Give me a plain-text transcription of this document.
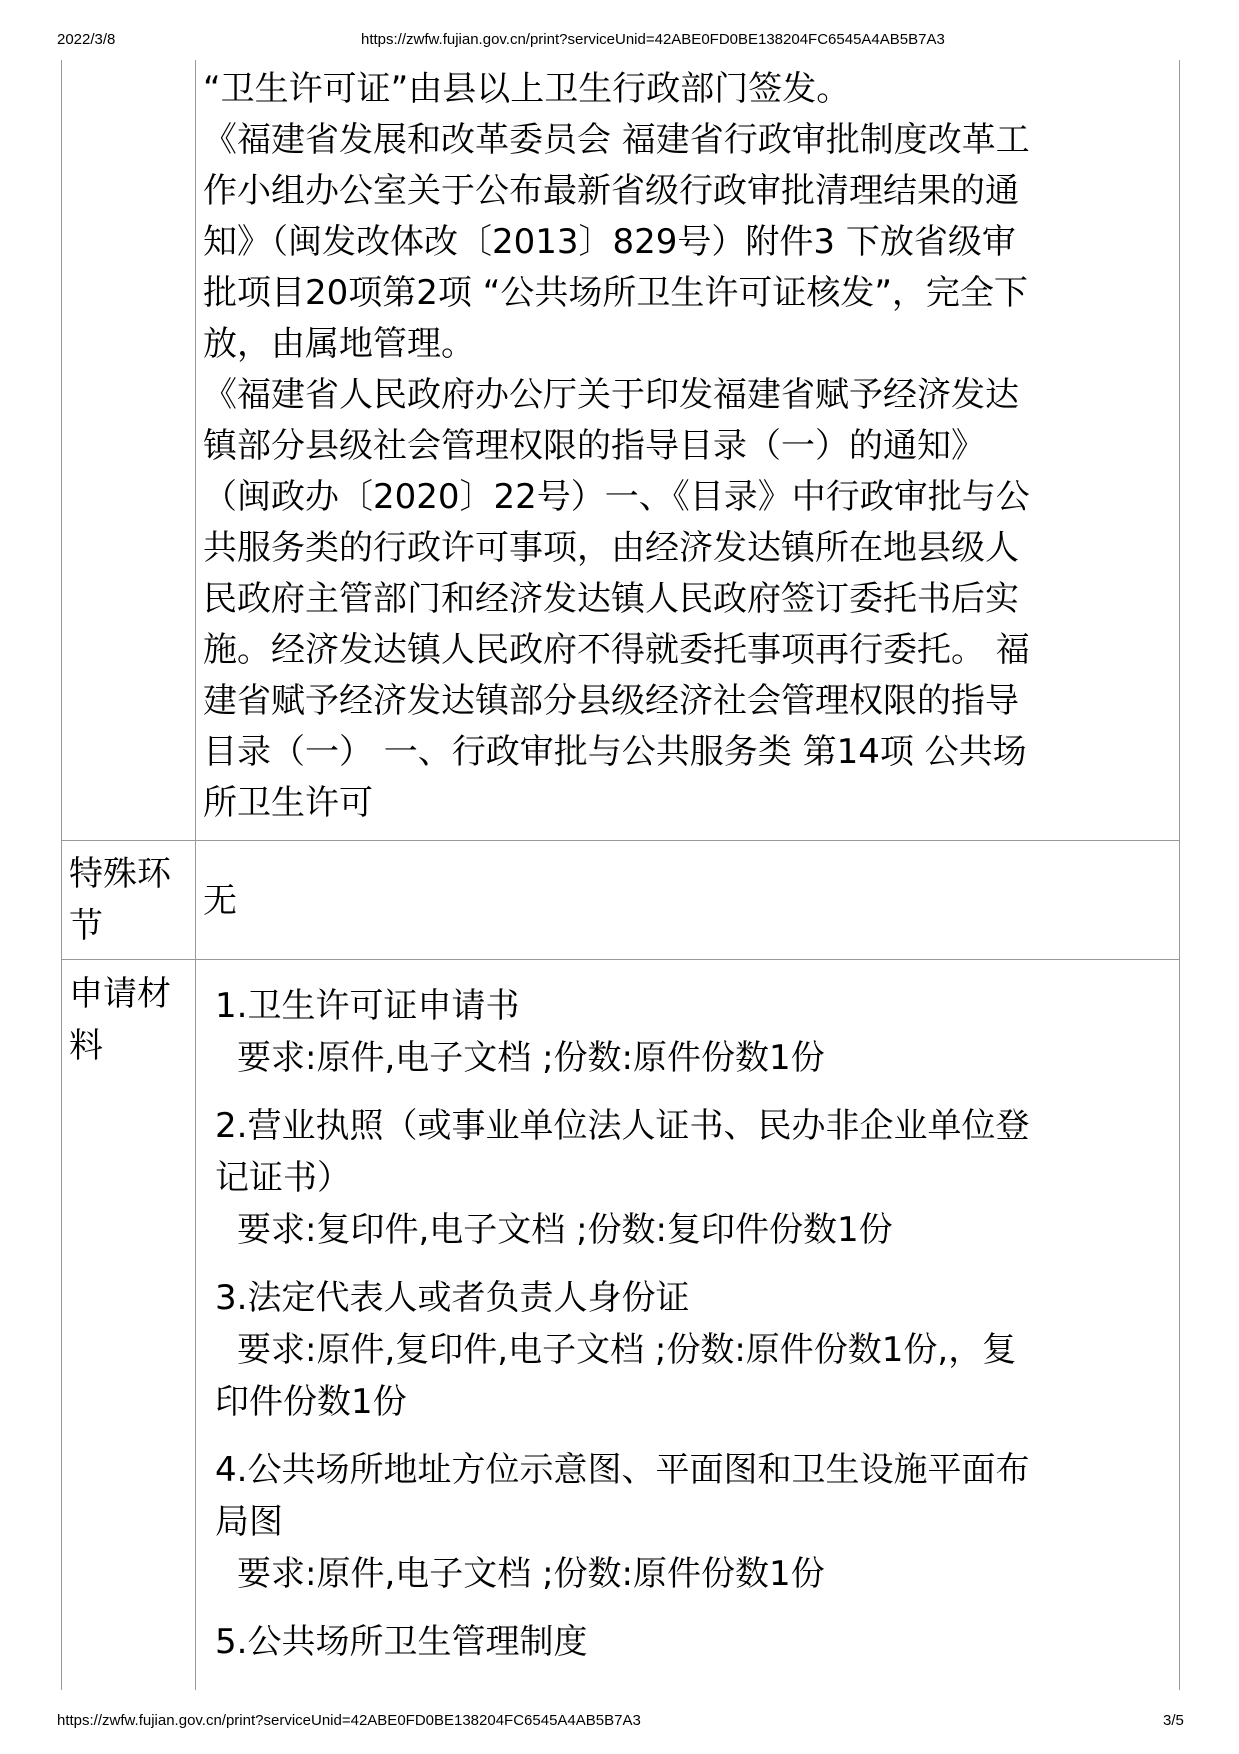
2022/3/8	https://zwfw.fujian.gov.cn/print?serviceUnid=42ABE0FD0BE138204FC6545A4AB5B7A3
“卫生许可证”由县以上卫生行政部门签发。
《福建省发展和改革委员会 福建省行政审批制度改革工
作小组办公室关于公布最新省级行政审批清理结果的通
知》（闽发改体改〔2013〕829号）附件3 下放省级审
批项目20项第2项 “公共场所卫生许可证核发”，完全下
放，由属地管理。
《福建省人民政府办公厅关于印发福建省赋予经济发达
镇部分县级社会管理权限的指导目录（一）的通知》
（闽政办〔2020〕22号）一、《目录》中行政审批与公
共服务类的行政许可事项，由经济发达镇所在地县级人
民政府主管部门和经济发达镇人民政府签订委托书后实
施。经济发达镇人民政府不得就委托事项再行委托。 福
建省赋予经济发达镇部分县级经济社会管理权限的指导
目录（一） 一、行政审批与公共服务类 第14项 公共场
所卫生许可
特殊环
节
无
申请材
料
1.卫生许可证申请书
要求:原件,电子文档 ;份数:原件份数1份
2.营业执照（或事业单位法人证书、民办非企业单位登
记证书）
要求:复印件,电子文档 ;份数:复印件份数1份
3.法定代表人或者负责人身份证
要求:原件,复印件,电子文档 ;份数:原件份数1份,，复
印件份数1份
4.公共场所地址方位示意图、平面图和卫生设施平面布
局图
要求:原件,电子文档 ;份数:原件份数1份
5.公共场所卫生管理制度
https://zwfw.fujian.gov.cn/print?serviceUnid=42ABE0FD0BE138204FC6545A4AB5B7A3	3/5
